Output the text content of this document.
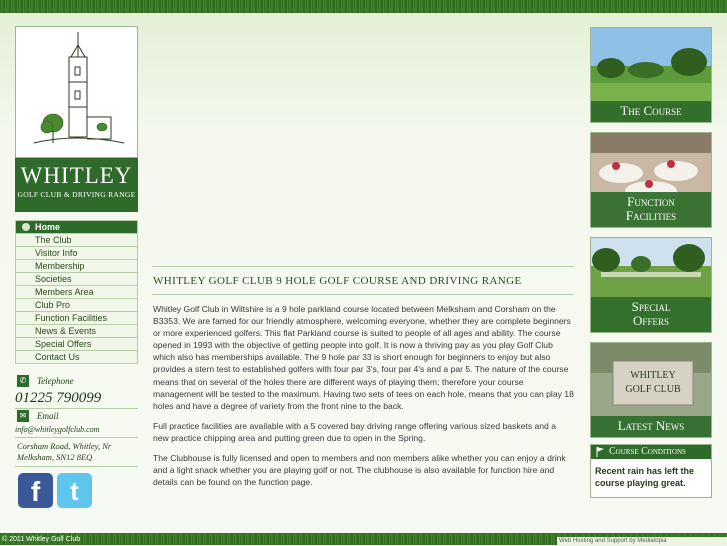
WHITLEY
GOLF CLUB & DRIVING RANGE
Home
The Club
Visitor Info
Membership
Societies
Members Area
Club Pro
Function Facilities
News & Events
Special Offers
Contact Us
✆ Telephone
01225 790099
✉ Email
info@whitleygolfclub.com
Corsham Road, Whitley, Nr
Melksham, SN12 8EQ
f	t
WHITLEY GOLF CLUB 9 HOLE GOLF COURSE AND DRIVING RANGE

Whitley Golf Club in Wiltshire is a 9 hole parkland course located between Melksham and Corsham on the B3353. We are famed for our friendly atmosphere, welcoming everyone, whether they are complete beginners or more experienced golfers. This flat Parkland course is suited to people of all ages and ability. The course opened in 1993 with the objective of getting people into golf. It is now a thriving pay as you play Golf Club which also has memberships available. The 9 hole par 33 is short enough for beginners to enjoy but also provides a stern test to established golfers with four par 3's, four par 4's and a par 5. The nature of the course means that on several of the holes there are different ways of playing them; therefore your course management will be tested to the maximum. Having two sets of tees on each hole, means that you can play 18 holes and have a degree of variety from the front nine to the back.

Full practice facilities are available with a 5 covered bay driving range offering various sized baskets and a new practice chipping area and putting green due to open in the Spring.

The Clubhouse is fully licensed and open to members and non members alike whether you can enjoy a drink and a light snack whether you are playing golf or not. The clubhouse is also available for function hire and details can be found on the function page.

The Course
Function
Facilities
Special
Offers
WHITLEY
GOLF CLUB
Latest News
Course Conditions
Recent rain has left the course playing great.
© 2011 Whitley Golf Club	Web Hosting and Support by Mediatopia
